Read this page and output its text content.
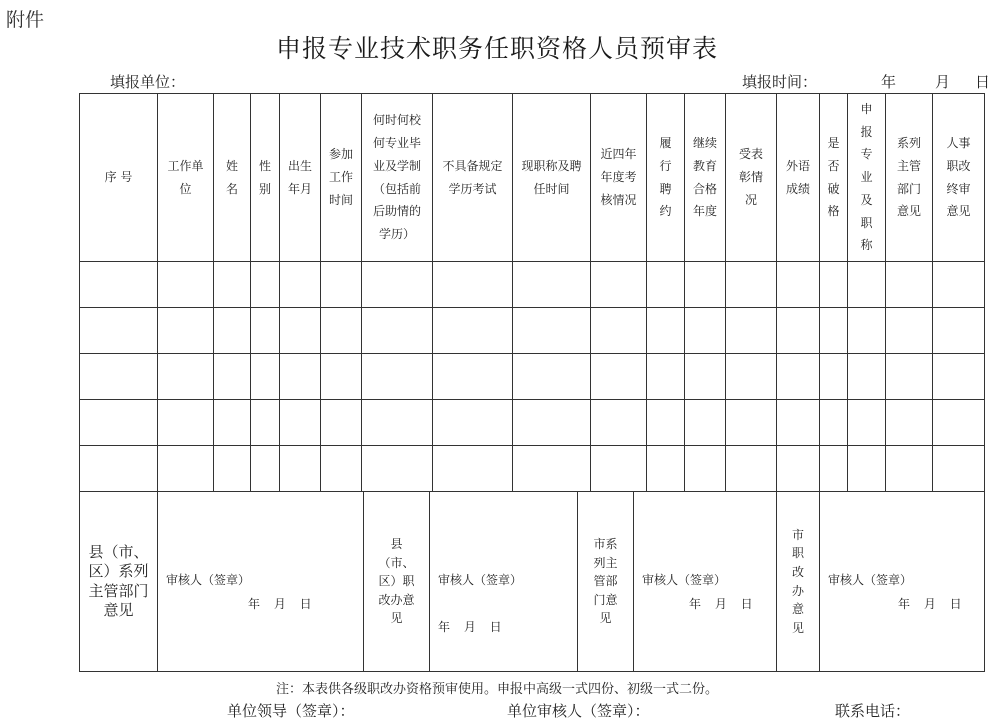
附件
申报专业技术职务任职资格人员预审表
填报单位：	填报时间：	年	月 日
序 号	工作单位	姓名	性别	出生年月	参加工作时间	何时何校何专业毕业及学制（包括前后助情的学历）	不具备规定学历考试	现职称及聘任时间	近四年年度考核情况	履行聘约	继续教育合格年度	受表彰情况	外语成绩	是否破格	申报专业及职称	系列主管部门意见	人事职改终审意见

县（市、区）系列主管部门意见

审核人（签章）
年 月 日

县（市、区）职改办意见

审核人（签章）
年 月 日

市系列主管部门意见

审核人（签章）
年 月 日

市职改办意见

审核人（签章）
年 月 日
注：本表供各级职改办资格预审使用。申报中高级一式四份、初级一式二份。
单位领导（签章）：	单位审核人（签章）：	联系电话：
